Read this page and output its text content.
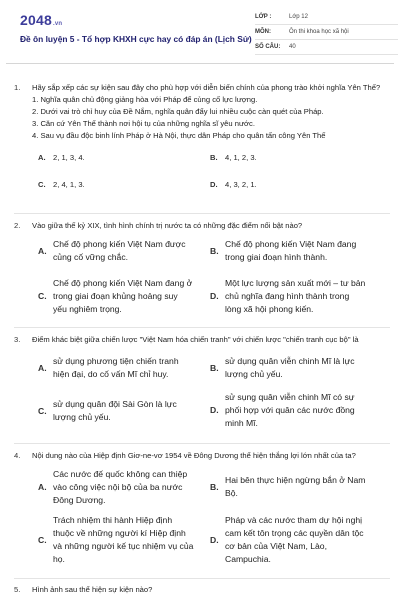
2048.vn
Đề ôn luyện 5 - Tổ hợp KHXH cực hay có đáp án (Lịch Sử)
LỚP :	Lớp 12
MÔN:	Ôn thi khoa học xã hội
SỐ CÂU:	40
1.	Hãy sắp xếp các sự kiện sau đây cho phù hợp với diễn biến chính của phong trào khởi nghĩa Yên Thế?
1. Nghĩa quân chủ động giảng hòa với Pháp để củng cố lực lượng.
2. Dưới vai trò chỉ huy của Đề Nắm, nghĩa quân đẩy lui nhiều cuộc càn quét của Pháp.
3. Căn cứ Yên Thế thành nơi hội tụ của những nghĩa sĩ yêu nước.
4. Sau vụ đầu độc binh lính Pháp ở Hà Nội, thực dân Pháp cho quân tấn công Yên Thế
A. 2, 1, 3, 4.	B. 4, 1, 2, 3.
C. 2, 4, 1, 3.	D. 4, 3, 2, 1.
2.	Vào giữa thế kỷ XIX, tình hình chính trị nước ta có những đặc điểm nổi bật nào?
A.
Chế độ phong kiến Việt Nam được
củng cố vững chắc.
B.
Chế độ phong kiến Việt Nam đang
trong giai đoạn hình thành.
C.
Chế độ phong kiến Việt Nam đang ở
trong giai đoạn khủng hoảng suy
yếu nghiêm trọng.
D.
Một lực lượng sản xuất mới – tư bản
chủ nghĩa đang hình thành trong
lòng xã hội phong kiến.
3.	Điểm khác biệt giữa chiến lược "Việt Nam hóa chiến tranh" với chiến lược "chiến tranh cục bộ" là
A.
sử dụng phương tiện chiến tranh
hiện đại, do cố vấn Mĩ chỉ huy.
B.
sử dụng quân viễn chinh Mĩ là lực
lượng chủ yếu.
C.
sử dụng quân đội Sài Gòn là lực
lượng chủ yếu.
D.
sử sụng quân viễn chinh Mĩ có sự
phối hợp với quân các nước đồng
minh Mĩ.
4.	Nội dung nào của Hiệp định Giơ-ne-vơ 1954 về Đông Dương thể hiện thắng lợi lớn nhất của ta?
A.
Các nước đế quốc không can thiệp
vào công việc nội bộ của ba nước
Đông Dương.
B.
Hai bên thực hiện ngừng bắn ở Nam
Bộ.
C.
Trách nhiệm thi hành Hiệp định
thuộc về những người kí Hiệp định
và những người kế tục nhiệm vụ của
họ.
D.
Pháp và các nước tham dự hội nghị
cam kết tôn trọng các quyền dân tộc
cơ bản của Việt Nam, Lào,
Campuchia.
5.	Hình ảnh sau thể hiện sự kiện nào?
